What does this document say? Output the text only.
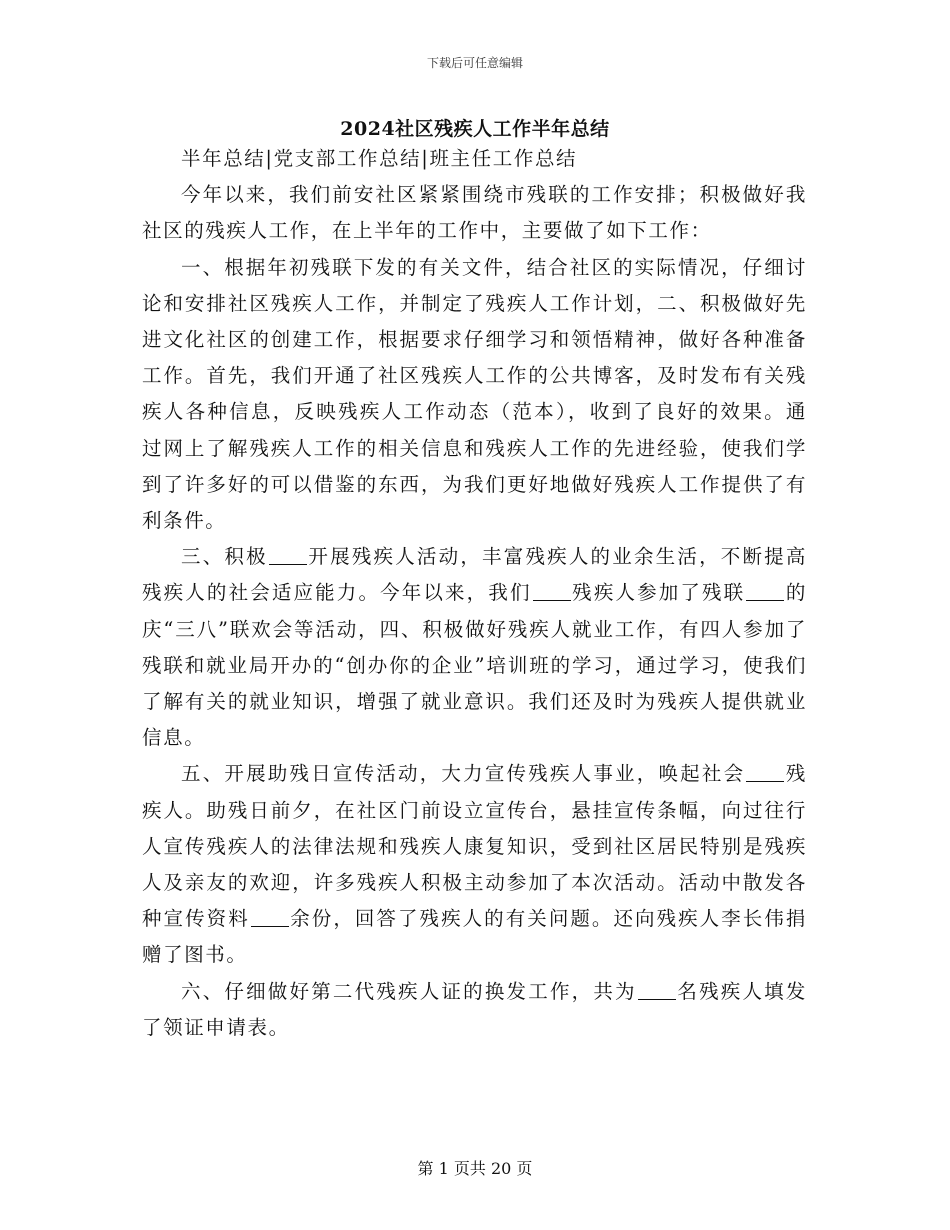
下载后可任意编辑
2024社区残疾人工作半年总结

半年总结|党支部工作总结|班主任工作总结

今年以来，我们前安社区紧紧围绕市残联的工作安排；积极做好我社区的残疾人工作，在上半年的工作中，主要做了如下工作：

一、根据年初残联下发的有关文件，结合社区的实际情况，仔细讨论和安排社区残疾人工作，并制定了残疾人工作计划，二、积极做好先进文化社区的创建工作，根据要求仔细学习和领悟精神，做好各种准备工作。首先，我们开通了社区残疾人工作的公共博客，及时发布有关残疾人各种信息，反映残疾人工作动态（范本），收到了良好的效果。通过网上了解残疾人工作的相关信息和残疾人工作的先进经验，使我们学到了许多好的可以借鉴的东西，为我们更好地做好残疾人工作提供了有利条件。

三、积极 开展残疾人活动，丰富残疾人的业余生活，不断提高残疾人的社会适应能力。今年以来，我们 残疾人参加了残联 的庆“三八”联欢会等活动，四、积极做好残疾人就业工作，有四人参加了残联和就业局开办的“创办你的企业”培训班的学习，通过学习，使我们了解有关的就业知识，增强了就业意识。我们还及时为残疾人提供就业信息。

五、开展助残日宣传活动，大力宣传残疾人事业，唤起社会 残疾人。助残日前夕，在社区门前设立宣传台，悬挂宣传条幅，向过往行人宣传残疾人的法律法规和残疾人康复知识，受到社区居民特别是残疾人及亲友的欢迎，许多残疾人积极主动参加了本次活动。活动中散发各种宣传资料 余份，回答了残疾人的有关问题。还向残疾人李长伟捐赠了图书。

六、仔细做好第二代残疾人证的换发工作，共为 名残疾人填发了领证申请表。

第 1 页共 20 页
